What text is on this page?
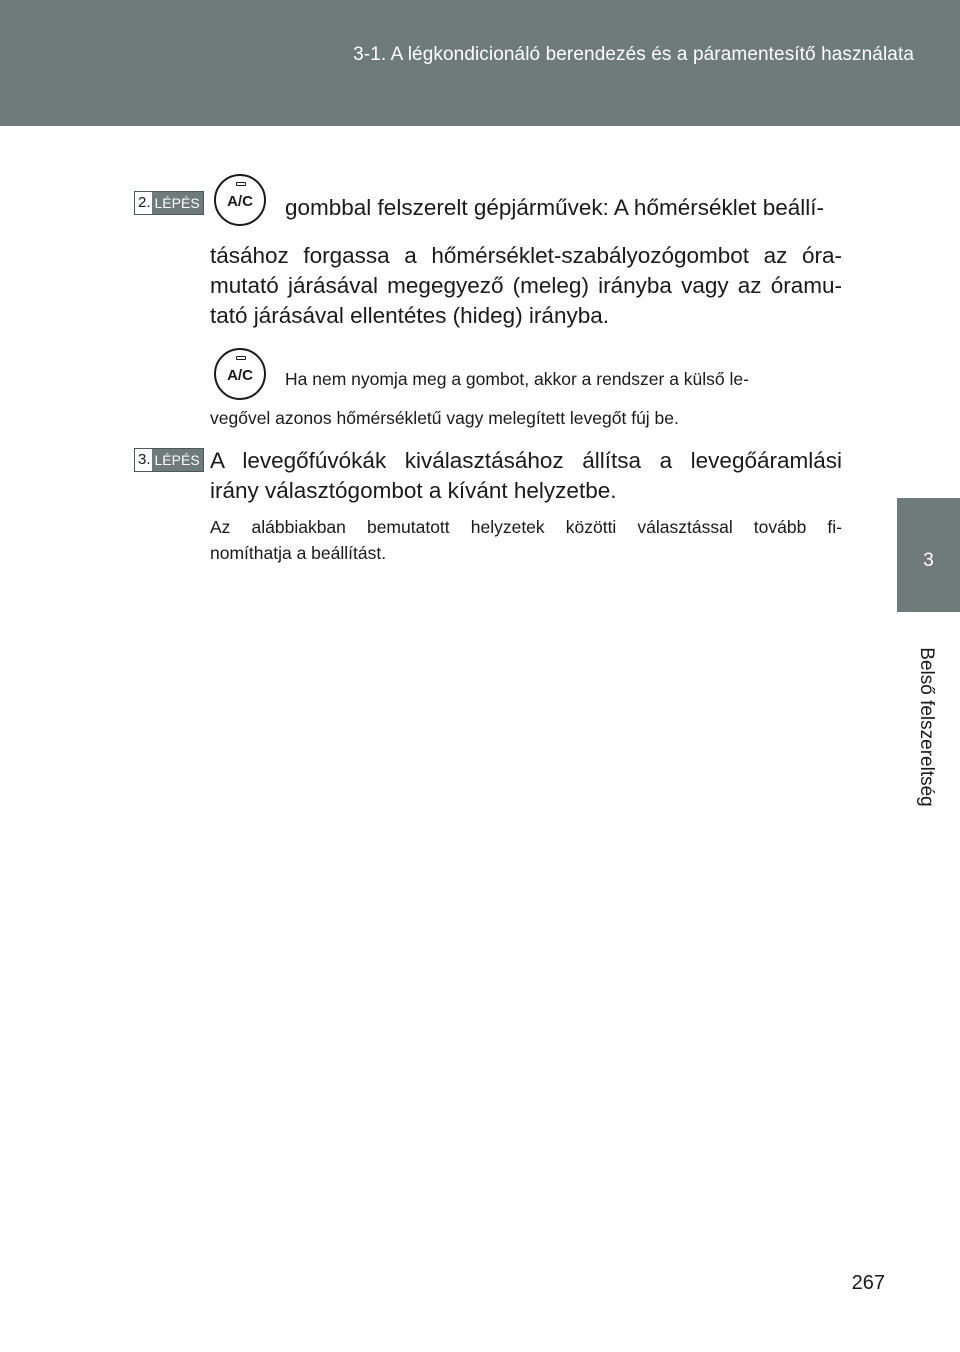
3-1. A légkondicionáló berendezés és a páramentesítő használata
3
Belső felszereltség
2. LÉPÉS	A/C	gombbal felszerelt gépjárművek: A hőmérséklet beállí-
tásához forgassa a hőmérséklet-szabályozógombot az óra-
mutató járásával megegyező (meleg) irányba vagy az óramu-
tató járásával ellentétes (hideg) irányba.
A/C	Ha nem nyomja meg a gombot, akkor a rendszer a külső le-
vegővel azonos hőmérsékletű vagy melegített levegőt fúj be.
3. LÉPÉS A levegőfúvókák kiválasztásához állítsa a levegőáramlási
irány választógombot a kívánt helyzetbe.
Az alábbiakban bemutatott helyzetek közötti választással tovább fi-
nomíthatja a beállítást.
267
